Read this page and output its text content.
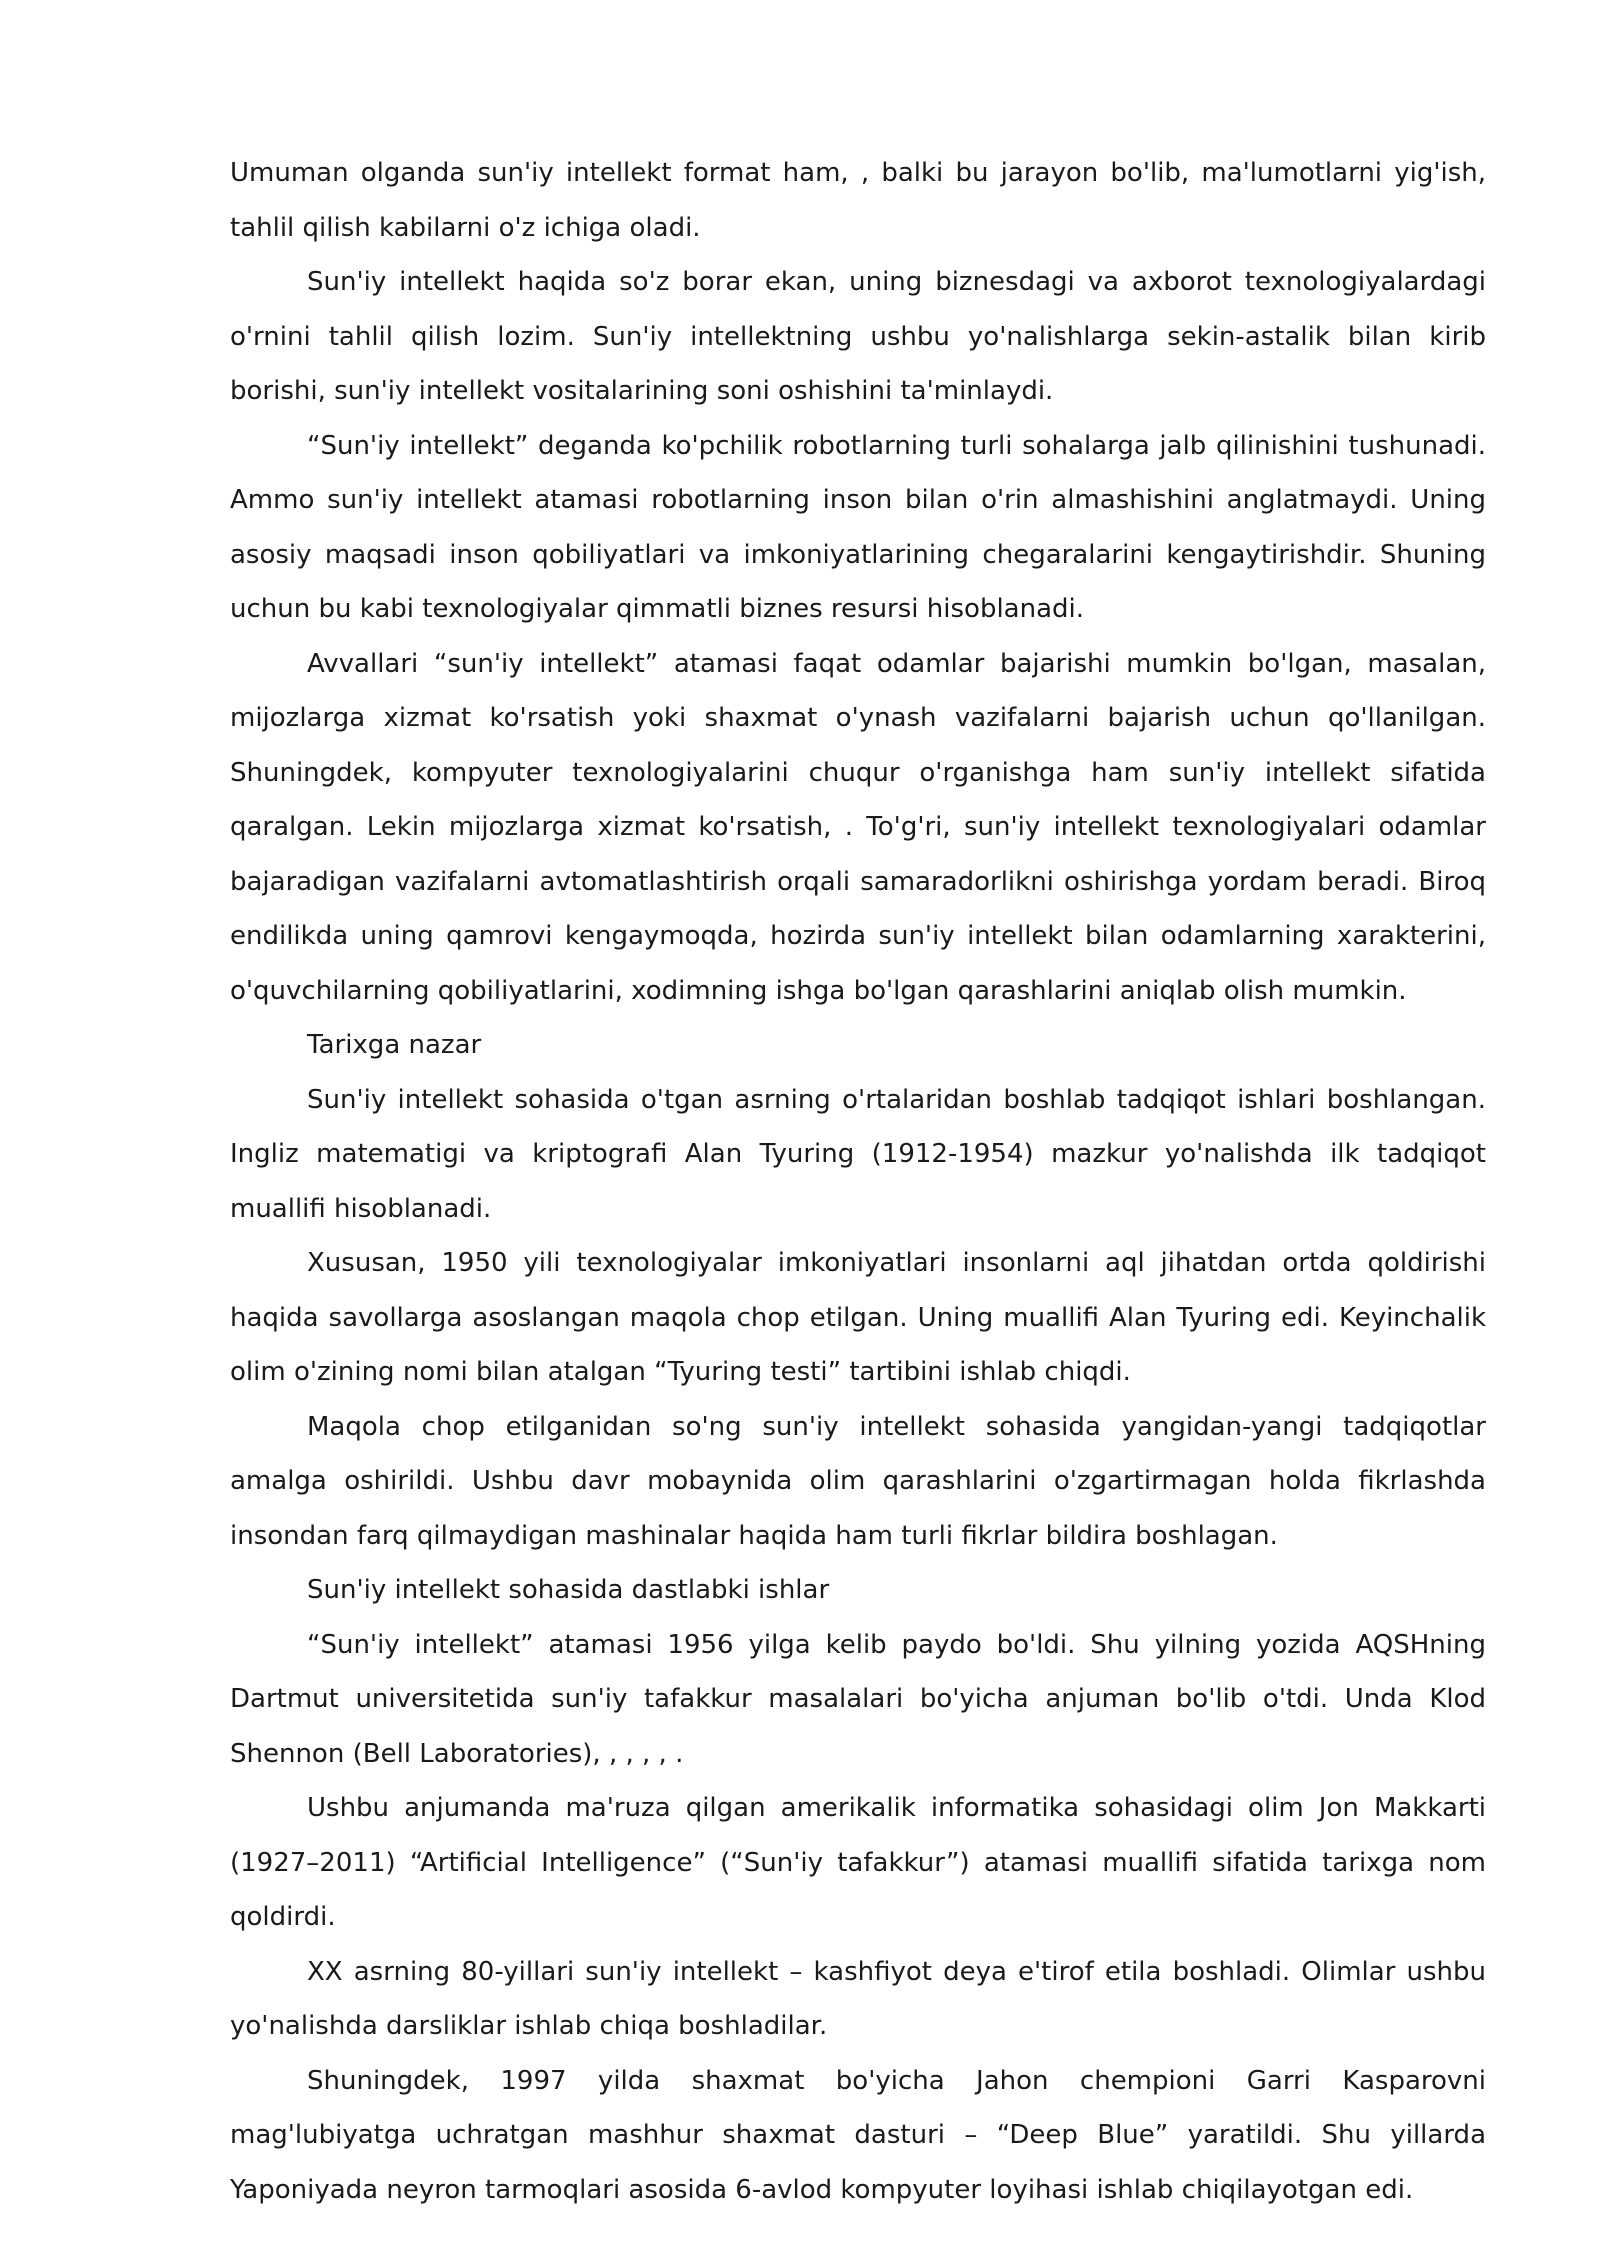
Umuman olganda sun'iy intellekt format ham, , balki bu jarayon bo'lib, ma'lumotlarni yig'ish, tahlil qilish kabilarni o'z ichiga oladi.

Sun'iy intellekt haqida so'z borar ekan, uning biznesdagi va axborot texnologiyalardagi o'rnini tahlil qilish lozim. Sun'iy intellektning ushbu yo'nalishlarga sekin-astalik bilan kirib borishi, sun'iy intellekt vositalarining soni oshishini ta'minlaydi.

“Sun'iy intellekt” deganda ko'pchilik robotlarning turli sohalarga jalb qilinishini tushunadi. Ammo sun'iy intellekt atamasi robotlarning inson bilan o'rin almashishini anglatmaydi. Uning asosiy maqsadi inson qobiliyatlari va imkoniyatlarining chegaralarini kengaytirishdir. Shuning uchun bu kabi texnologiyalar qimmatli biznes resursi hisoblanadi.

Avvallari “sun'iy intellekt” atamasi faqat odamlar bajarishi mumkin bo'lgan, masalan, mijozlarga xizmat ko'rsatish yoki shaxmat o'ynash vazifalarni bajarish uchun qo'llanilgan. Shuningdek, kompyuter texnologiyalarini chuqur o'rganishga ham sun'iy intellekt sifatida qaralgan. Lekin mijozlarga xizmat ko'rsatish, . To'g'ri, sun'iy intellekt texnologiyalari odamlar bajaradigan vazifalarni avtomatlashtirish orqali samaradorlikni oshirishga yordam beradi. Biroq endilikda uning qamrovi kengaymoqda, hozirda sun'iy intellekt bilan odamlarning xarakterini, o'quvchilarning qobiliyatlarini, xodimning ishga bo'lgan qarashlarini aniqlab olish mumkin.

Tarixga nazar

Sun'iy intellekt sohasida o'tgan asrning o'rtalaridan boshlab tadqiqot ishlari boshlangan. Ingliz matematigi va kriptografi Alan Tyuring (1912-1954) mazkur yo'nalishda ilk tadqiqot muallifi hisoblanadi.

Xususan, 1950 yili texnologiyalar imkoniyatlari insonlarni aql jihatdan ortda qoldirishi haqida savollarga asoslangan maqola chop etilgan. Uning muallifi Alan Tyuring edi. Keyinchalik olim o'zining nomi bilan atalgan “Tyuring testi” tartibini ishlab chiqdi.

Maqola chop etilganidan so'ng sun'iy intellekt sohasida yangidan-yangi tadqiqotlar amalga oshirildi. Ushbu davr mobaynida olim qarashlarini o'zgartirmagan holda fikrlashda insondan farq qilmaydigan mashinalar haqida ham turli fikrlar bildira boshlagan.

Sun'iy intellekt sohasida dastlabki ishlar

“Sun'iy intellekt” atamasi 1956 yilga kelib paydo bo'ldi. Shu yilning yozida AQSHning Dartmut universitetida sun'iy tafakkur masalalari bo'yicha anjuman bo'lib o'tdi. Unda Klod Shennon (Bell Laboratories), , , , , .

Ushbu anjumanda ma'ruza qilgan amerikalik informatika sohasidagi olim Jon Makkarti (1927–2011) “Artificial Intelligence” (“Sun'iy tafakkur”) atamasi muallifi sifatida tarixga nom qoldirdi.

XX asrning 80-yillari sun'iy intellekt – kashfiyot deya e'tirof etila boshladi. Olimlar ushbu yo'nalishda darsliklar ishlab chiqa boshladilar.

Shuningdek, 1997 yilda shaxmat bo'yicha Jahon chempioni Garri Kasparovni mag'lubiyatga uchratgan mashhur shaxmat dasturi – “Deep Blue” yaratildi. Shu yillarda Yaponiyada neyron tarmoqlari asosida 6-avlod kompyuter loyihasi ishlab chiqilayotgan edi.
